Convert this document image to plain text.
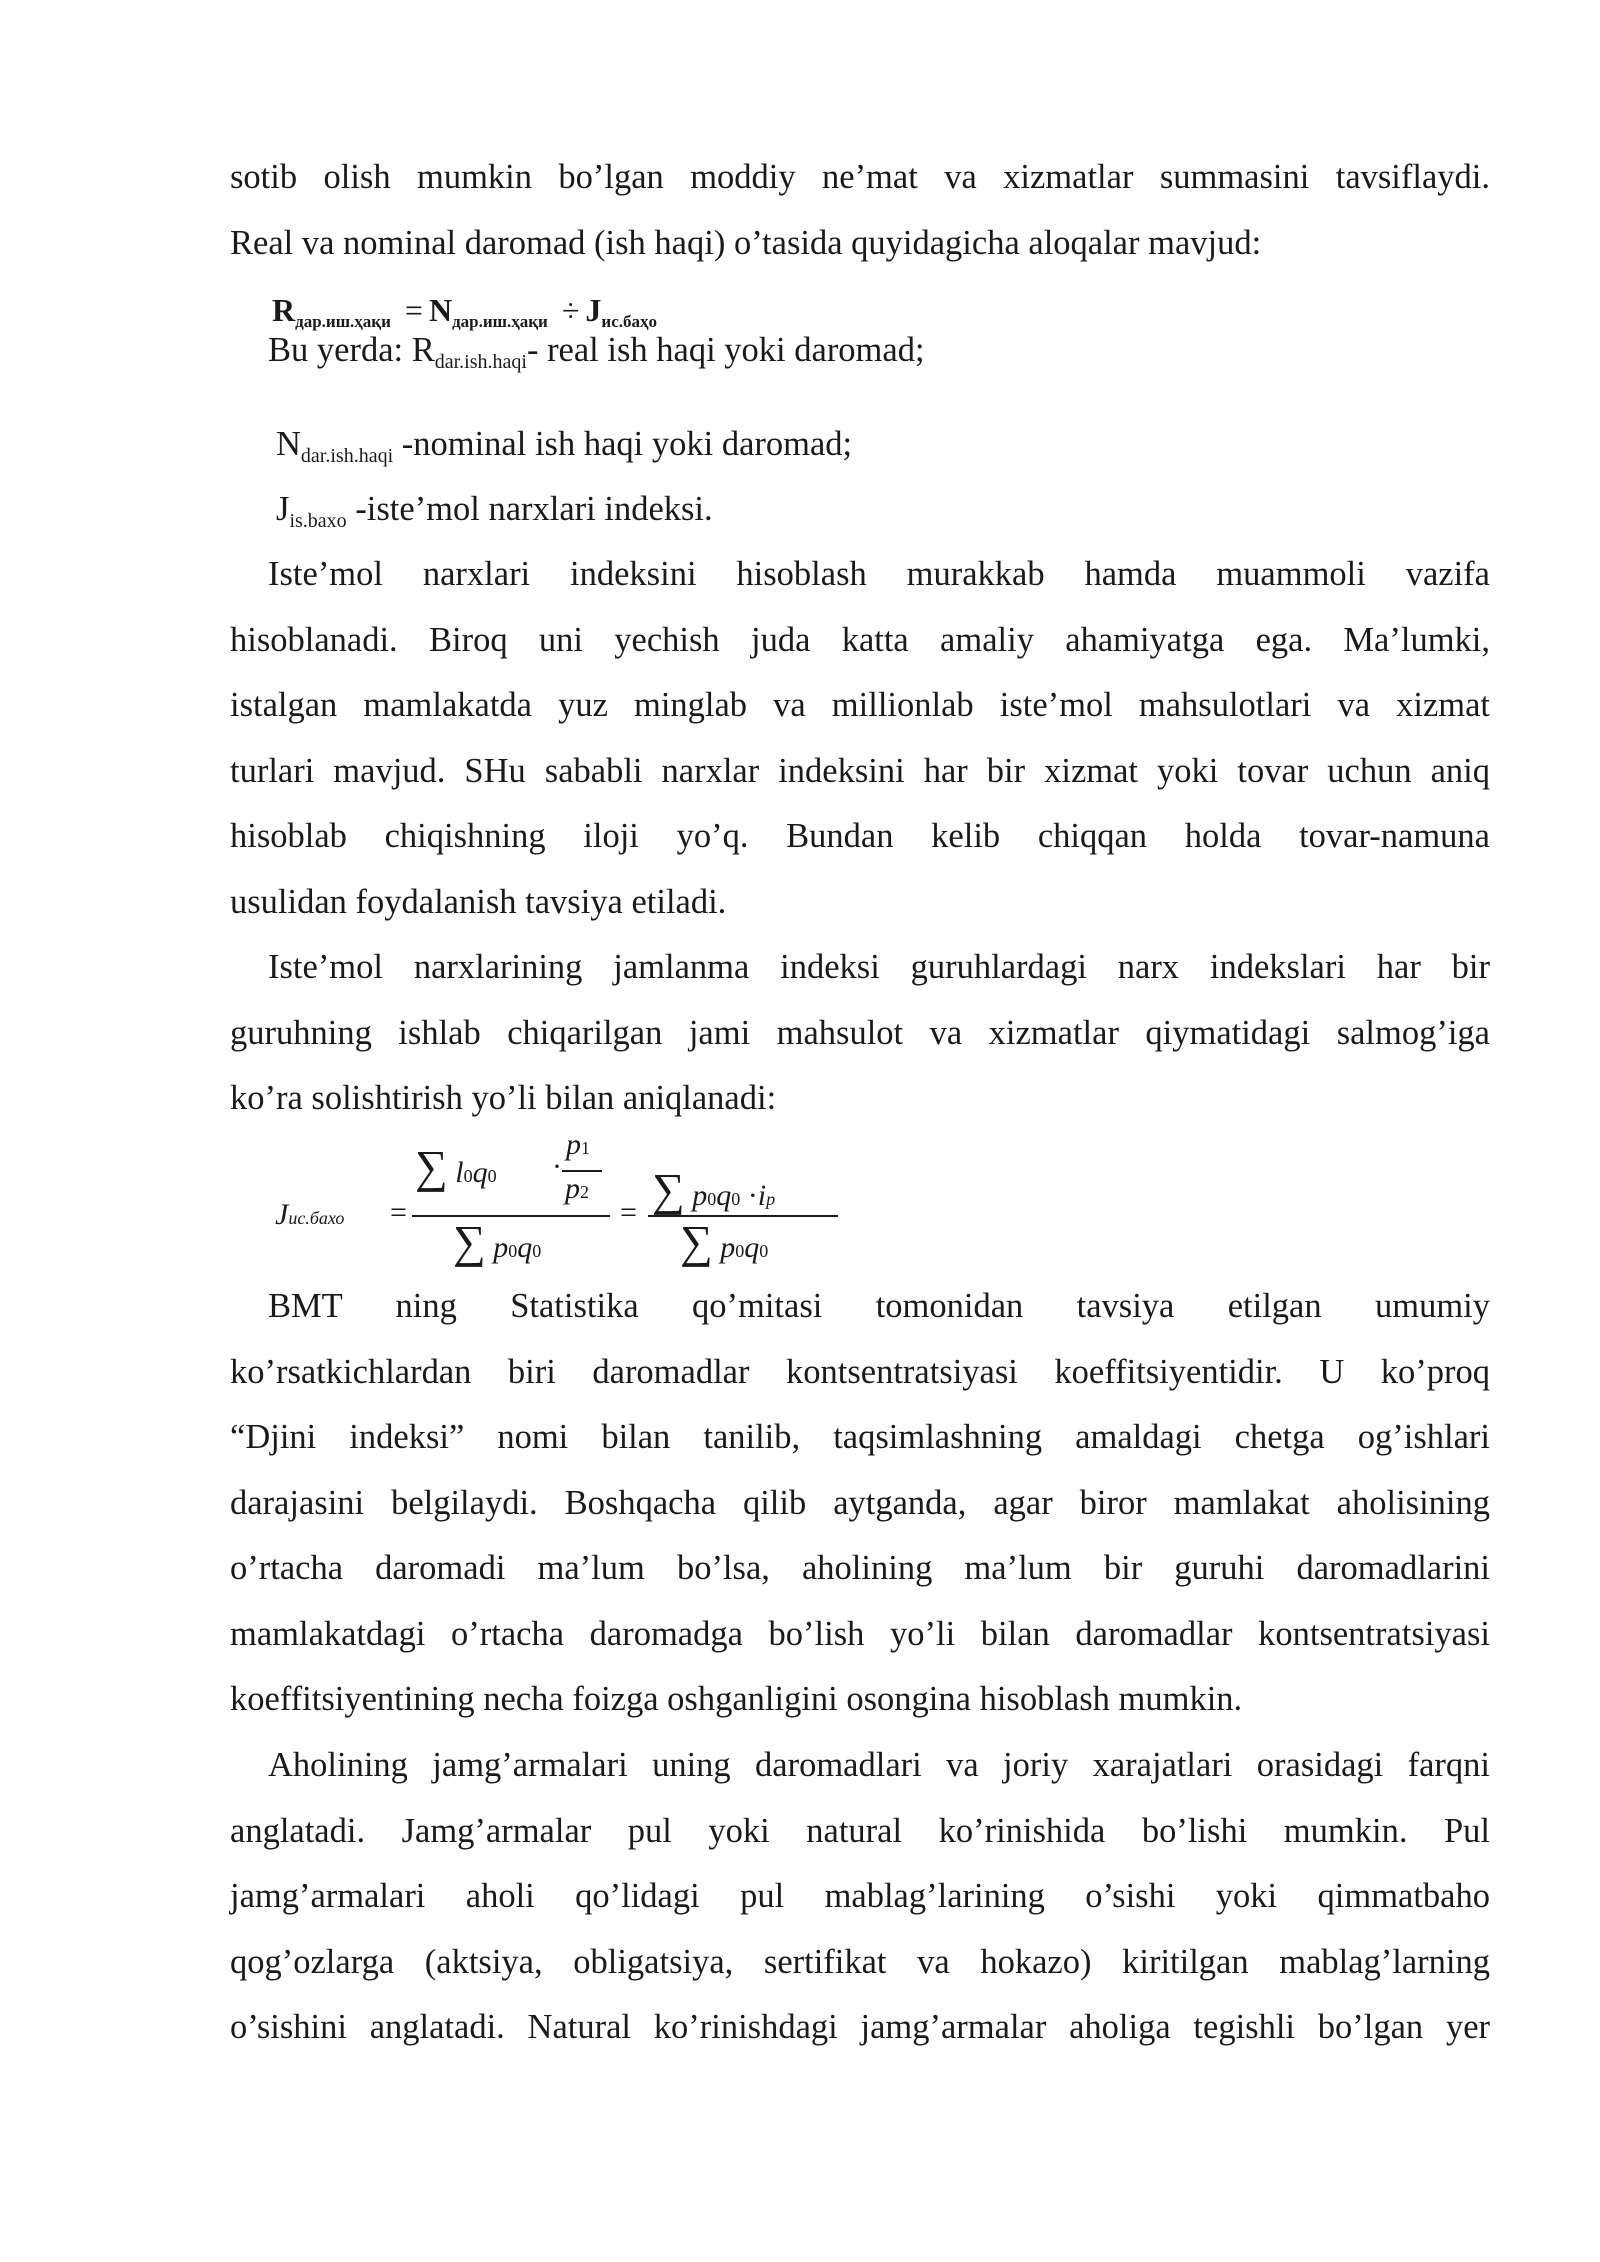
sotib olish mumkin bo’lgan moddiy ne’mat va xizmatlar summasini tavsiflaydi.

Real va nominal daromad (ish haqi) o’tasida quyidagicha aloqalar mavjud:

$R_{дар.иш.ҳақи} = N_{дар.иш.ҳақи} \div J_{ис.баҳо}$
Bu yerda: $R_{dar.ish.haqi}-$ real ish haqi yoki daromad;
$N_{dar.ish.haqi}$ -nominal ish haqi yoki daromad;
$J_{is.baxo}$ -iste’mol narxlari indeksi.

Iste’mol narxlari indeksini hisoblash murakkab hamda muammoli vazifa

hisoblanadi. Biroq uni yechish juda katta amaliy ahamiyatga ega. Ma’lumki,

istalgan mamlakatda yuz minglab va millionlab iste’mol mahsulotlari va xizmat

turlari mavjud. SHu sababli narxlar indeksini har bir xizmat yoki tovar uchun aniq

hisoblab chiqishning iloji yo’q. Bundan kelib chiqqan holda tovar-namuna

usulidan foydalanish tavsiya etiladi.

Iste’mol narxlarining jamlanma indeksi guruhlardagi narx indekslari har bir

guruhning ishlab chiqarilgan jami mahsulot va xizmatlar qiymatidagi salmog’iga

ko’ra solishtirish yo’li bilan aniqlanadi:

Jис.бахо =
∑ l0q0 ·
p1
p2
∑ p0q0
= ∑ p0q0 ·ip
∑ p0q0

BMT ning Statistika qo’mitasi tomonidan tavsiya etilgan umumiy

ko’rsatkichlardan biri daromadlar kontsentratsiyasi koeffitsiyentidir. U ko’proq

“Djini indeksi” nomi bilan tanilib, taqsimlashning amaldagi chetga og’ishlari

darajasini belgilaydi. Boshqacha qilib aytganda, agar biror mamlakat aholisining

o’rtacha daromadi ma’lum bo’lsa, aholining ma’lum bir guruhi daromadlarini

mamlakatdagi o’rtacha daromadga bo’lish yo’li bilan daromadlar kontsentratsiyasi

koeffitsiyentining necha foizga oshganligini osongina hisoblash mumkin.

Aholining jamg’armalari uning daromadlari va joriy xarajatlari orasidagi farqni

anglatadi. Jamg’armalar pul yoki natural ko’rinishida bo’lishi mumkin. Pul

jamg’armalari aholi qo’lidagi pul mablag’larining o’sishi yoki qimmatbaho

qog’ozlarga (aktsiya, obligatsiya, sertifikat va hokazo) kiritilgan mablag’larning

o’sishini anglatadi. Natural ko’rinishdagi jamg’armalar aholiga tegishli bo’lgan yer
